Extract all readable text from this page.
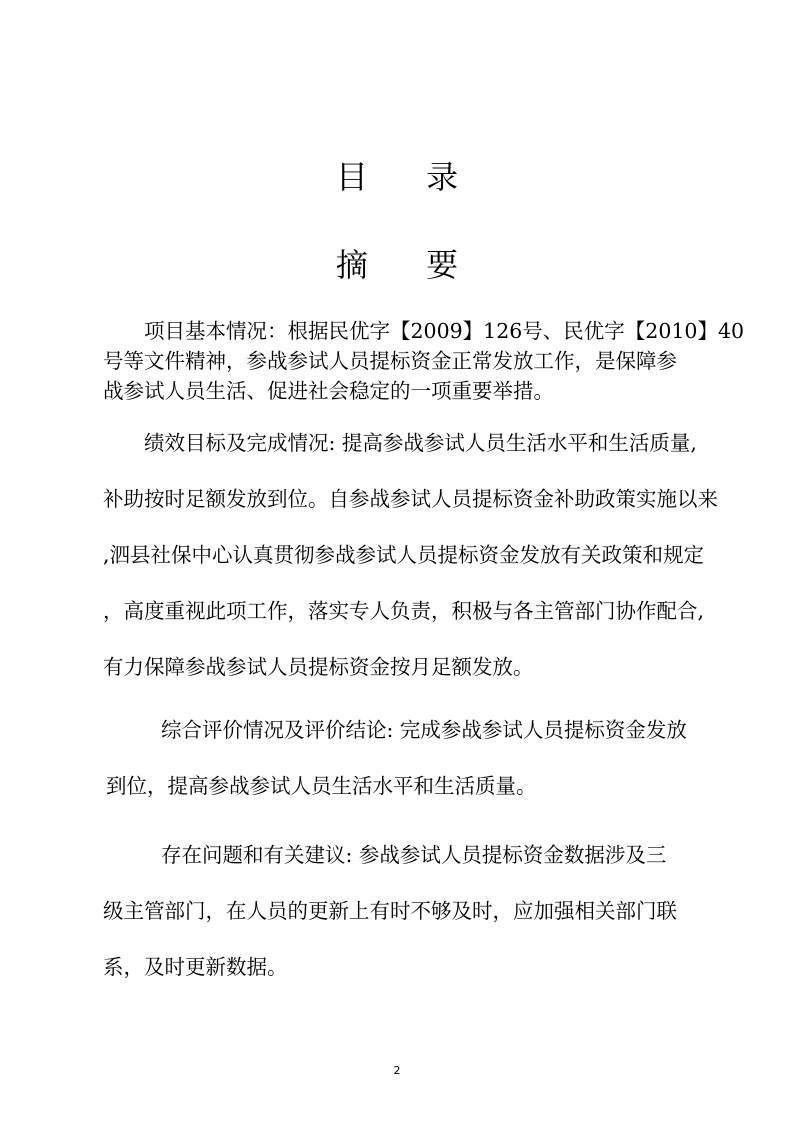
目 录
摘 要
项目基本情况：根据民优字【2009】126号、民优字【2010】40
号等文件精神，参战参试人员提标资金正常发放工作，是保障参
战参试人员生活、促进社会稳定的一项重要举措。
绩效目标及完成情况: 提高参战参试人员生活水平和生活质量,
补助按时足额发放到位。自参战参试人员提标资金补助政策实施以来
,泗县社保中心认真贯彻参战参试人员提标资金发放有关政策和规定
，高度重视此项工作，落实专人负责，积极与各主管部门协作配合,
有力保障参战参试人员提标资金按月足额发放。
综合评价情况及评价结论: 完成参战参试人员提标资金发放
到位，提高参战参试人员生活水平和生活质量。
存在问题和有关建议: 参战参试人员提标资金数据涉及三
级主管部门，在人员的更新上有时不够及时，应加强相关部门联
系，及时更新数据。
2
